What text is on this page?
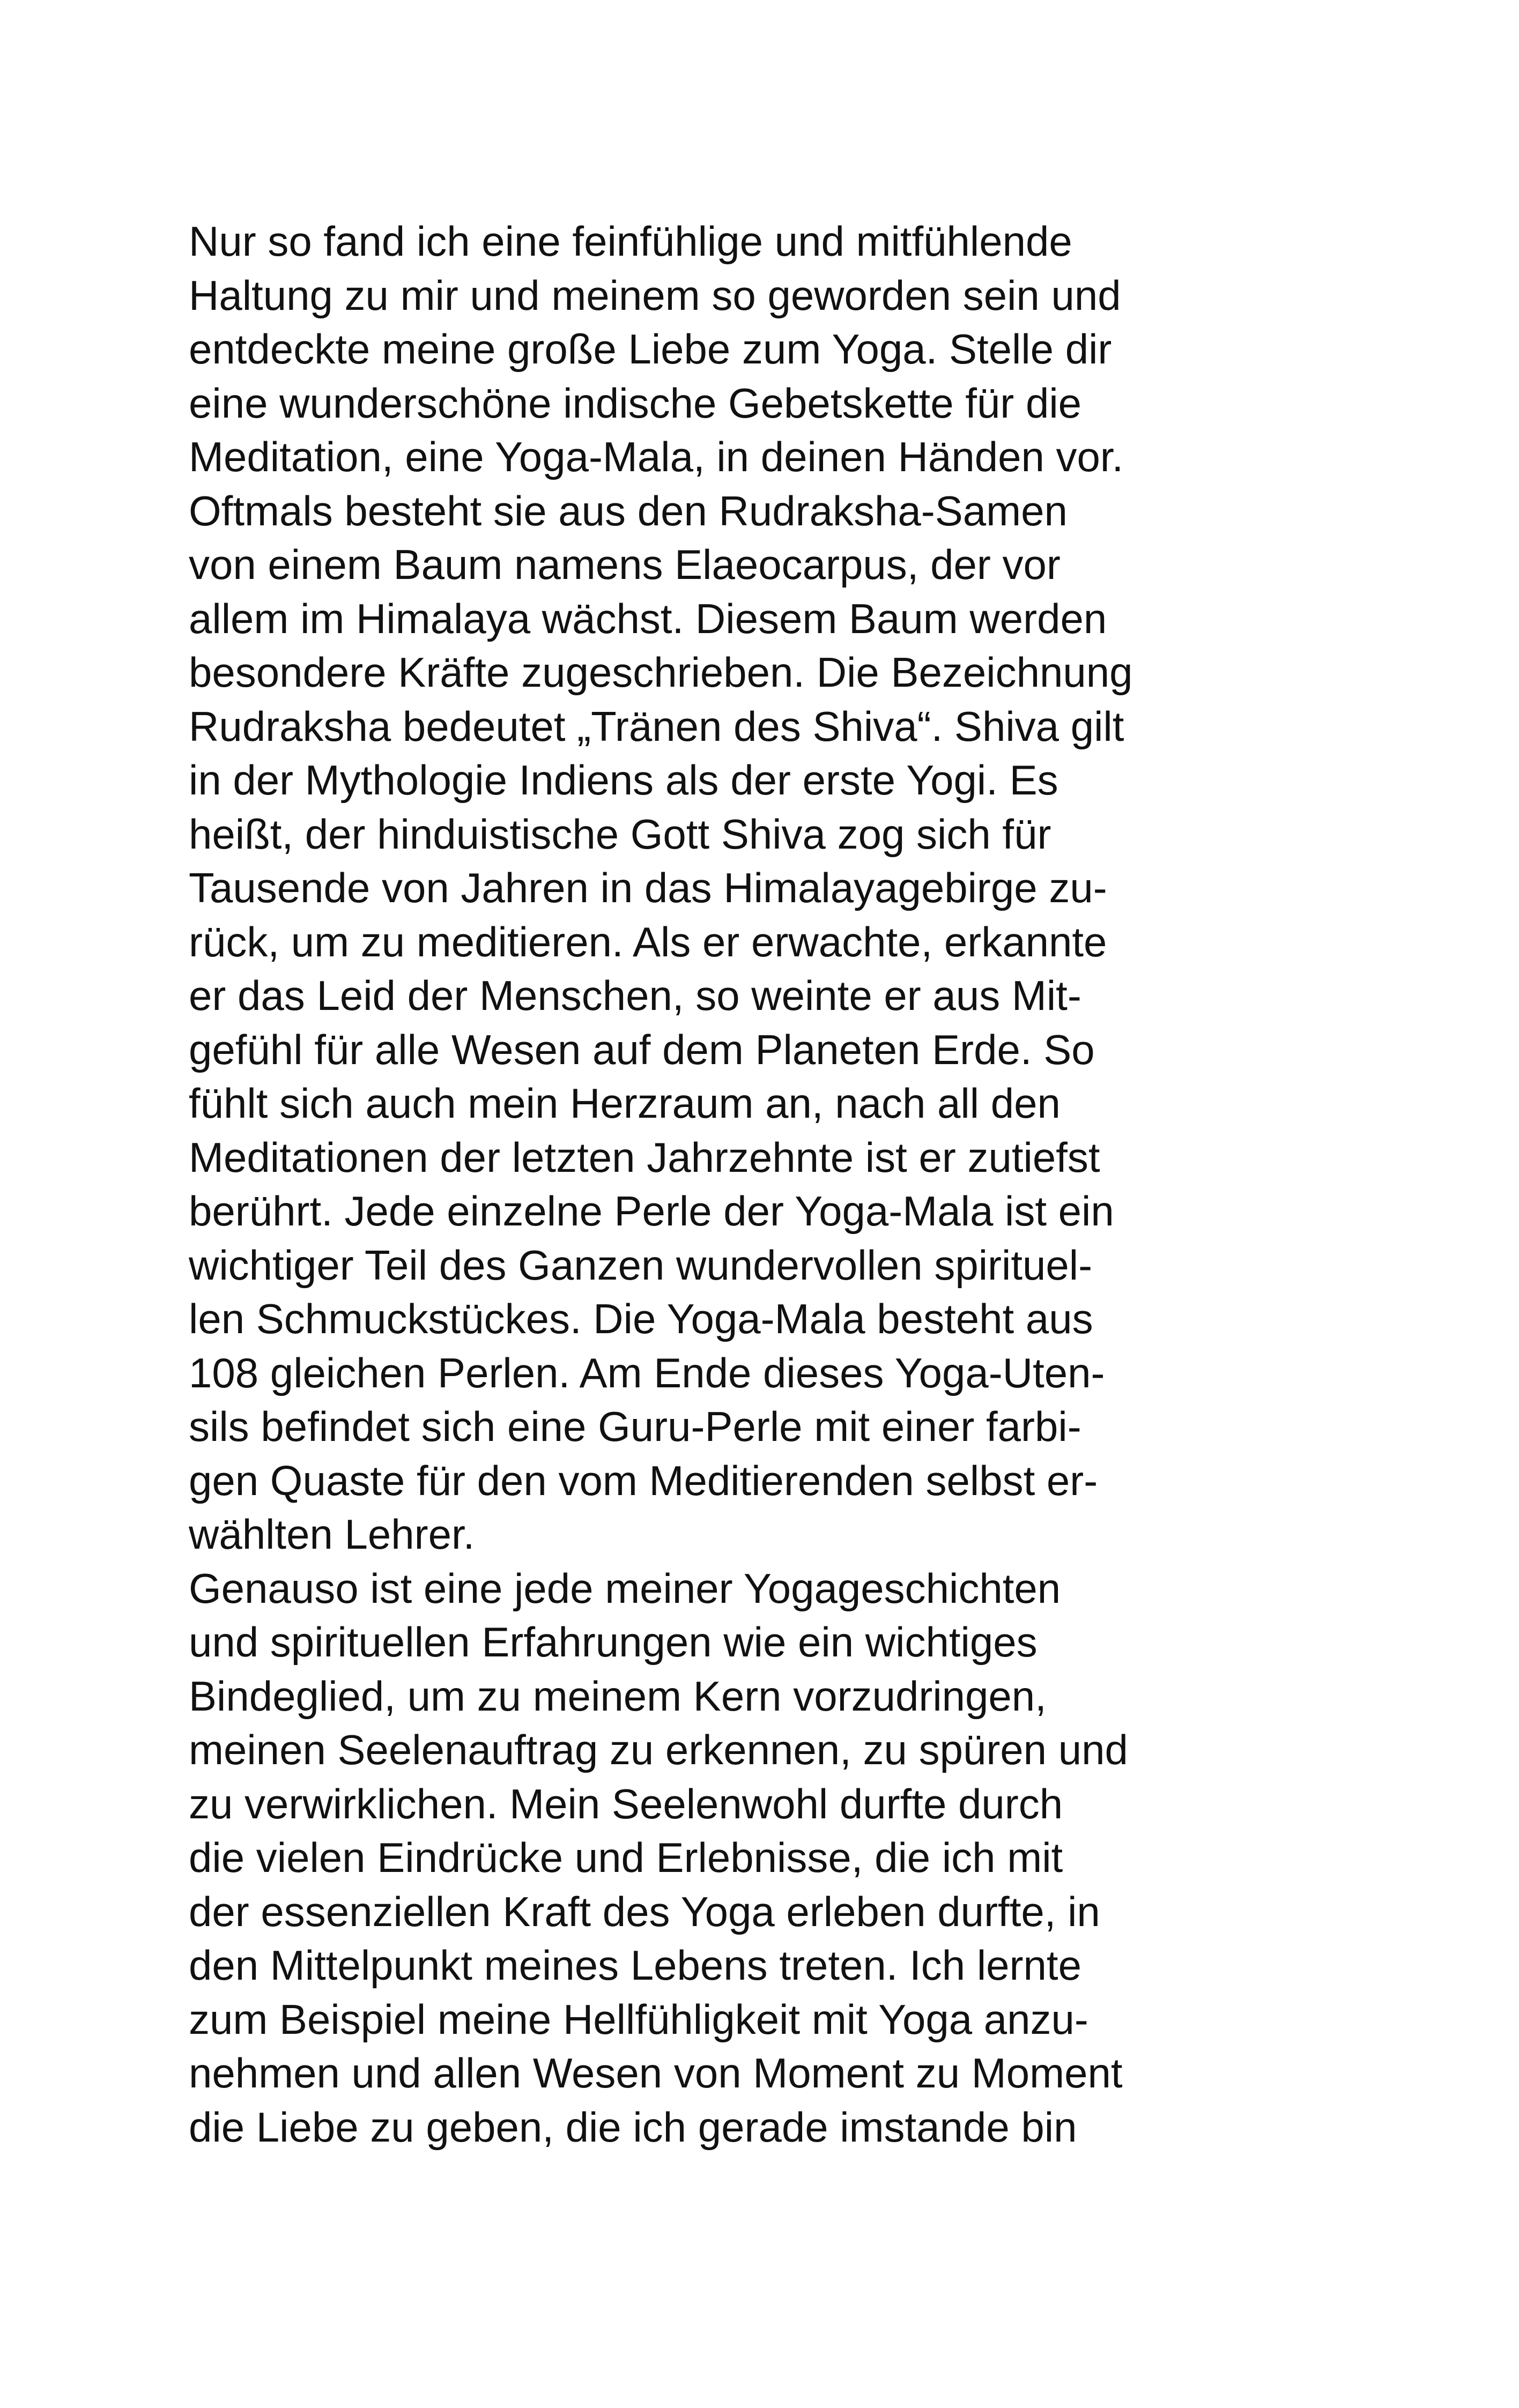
Nur so fand ich eine feinfühlige und mitfühlende
Haltung zu mir und meinem so geworden sein und
entdeckte meine große Liebe zum Yoga. Stelle dir
eine wunderschöne indische Gebetskette für die
Meditation, eine Yoga-Mala, in deinen Händen vor.
Oftmals besteht sie aus den Rudraksha-Samen
von einem Baum namens Elaeocarpus, der vor
allem im Himalaya wächst. Diesem Baum werden
besondere Kräfte zugeschrieben. Die Bezeichnung
Rudraksha bedeutet „Tränen des Shiva“. Shiva gilt
in der Mythologie Indiens als der erste Yogi. Es
heißt, der hinduistische Gott Shiva zog sich für
Tausende von Jahren in das Himalayagebirge zu-
rück, um zu meditieren. Als er erwachte, erkannte
er das Leid der Menschen, so weinte er aus Mit-
gefühl für alle Wesen auf dem Planeten Erde. So
fühlt sich auch mein Herzraum an, nach all den
Meditationen der letzten Jahrzehnte ist er zutiefst
berührt. Jede einzelne Perle der Yoga-Mala ist ein
wichtiger Teil des Ganzen wundervollen spirituel-
len Schmuckstückes. Die Yoga-Mala besteht aus
108 gleichen Perlen. Am Ende dieses Yoga-Uten-
sils befindet sich eine Guru-Perle mit einer farbi-
gen Quaste für den vom Meditierenden selbst er-
wählten Lehrer.
Genauso ist eine jede meiner Yogageschichten
und spirituellen Erfahrungen wie ein wichtiges
Bindeglied, um zu meinem Kern vorzudringen,
meinen Seelenauftrag zu erkennen, zu spüren und
zu verwirklichen. Mein Seelenwohl durfte durch
die vielen Eindrücke und Erlebnisse, die ich mit
der essenziellen Kraft des Yoga erleben durfte, in
den Mittelpunkt meines Lebens treten. Ich lernte
zum Beispiel meine Hellfühligkeit mit Yoga anzu-
nehmen und allen Wesen von Moment zu Moment
die Liebe zu geben, die ich gerade imstande bin
